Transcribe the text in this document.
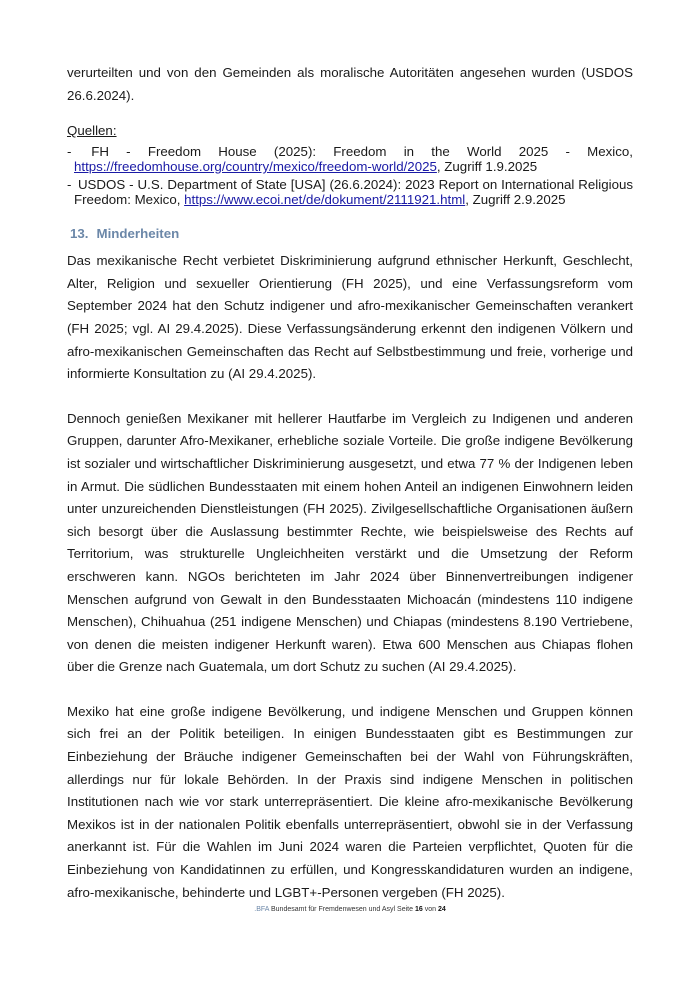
verurteilten und von den Gemeinden als moralische Autoritäten angesehen wurden (USDOS 26.6.2024).

Quellen:
- FH - Freedom House (2025): Freedom in the World 2025 - Mexico, https://freedomhouse.org/country/mexico/freedom-world/2025, Zugriff 1.9.2025
- USDOS - U.S. Department of State [USA] (26.6.2024): 2023 Report on International Religious Freedom: Mexico, https://www.ecoi.net/de/dokument/2111921.html, Zugriff 2.9.2025
13. Minderheiten

Das mexikanische Recht verbietet Diskriminierung aufgrund ethnischer Herkunft, Geschlecht, Alter, Religion und sexueller Orientierung (FH 2025), und eine Verfassungsreform vom September 2024 hat den Schutz indigener und afro-mexikanischer Gemeinschaften verankert (FH 2025; vgl. AI 29.4.2025). Diese Verfassungsänderung erkennt den indigenen Völkern und afro-mexikanischen Gemeinschaften das Recht auf Selbstbestimmung und freie, vorherige und informierte Konsultation zu (AI 29.4.2025).

Dennoch genießen Mexikaner mit hellerer Hautfarbe im Vergleich zu Indigenen und anderen Gruppen, darunter Afro-Mexikaner, erhebliche soziale Vorteile. Die große indigene Bevölkerung ist sozialer und wirtschaftlicher Diskriminierung ausgesetzt, und etwa 77 % der Indigenen leben in Armut. Die südlichen Bundesstaaten mit einem hohen Anteil an indigenen Einwohnern leiden unter unzureichenden Dienstleistungen (FH 2025). Zivilgesellschaftliche Organisationen äußern sich besorgt über die Auslassung bestimmter Rechte, wie beispielsweise des Rechts auf Territorium, was strukturelle Ungleichheiten verstärkt und die Umsetzung der Reform erschweren kann. NGOs berichteten im Jahr 2024 über Binnenvertreibungen indigener Menschen aufgrund von Gewalt in den Bundesstaaten Michoacán (mindestens 110 indigene Menschen), Chihuahua (251 indigene Menschen) und Chiapas (mindestens 8.190 Vertriebene, von denen die meisten indigener Herkunft waren). Etwa 600 Menschen aus Chiapas flohen über die Grenze nach Guatemala, um dort Schutz zu suchen (AI 29.4.2025).

Mexiko hat eine große indigene Bevölkerung, und indigene Menschen und Gruppen können sich frei an der Politik beteiligen. In einigen Bundesstaaten gibt es Bestimmungen zur Einbeziehung der Bräuche indigener Gemeinschaften bei der Wahl von Führungskräften, allerdings nur für lokale Behörden. In der Praxis sind indigene Menschen in politischen Institutionen nach wie vor stark unterrepräsentiert. Die kleine afro-mexikanische Bevölkerung Mexikos ist in der nationalen Politik ebenfalls unterrepräsentiert, obwohl sie in der Verfassung anerkannt ist. Für die Wahlen im Juni 2024 waren die Parteien verpflichtet, Quoten für die Einbeziehung von Kandidatinnen zu erfüllen, und Kongresskandidaturen wurden an indigene, afro-mexikanische, behinderte und LGBT+-Personen vergeben (FH 2025).

.BFA Bundesamt für Fremdenwesen und Asyl Seite 16 von 24
